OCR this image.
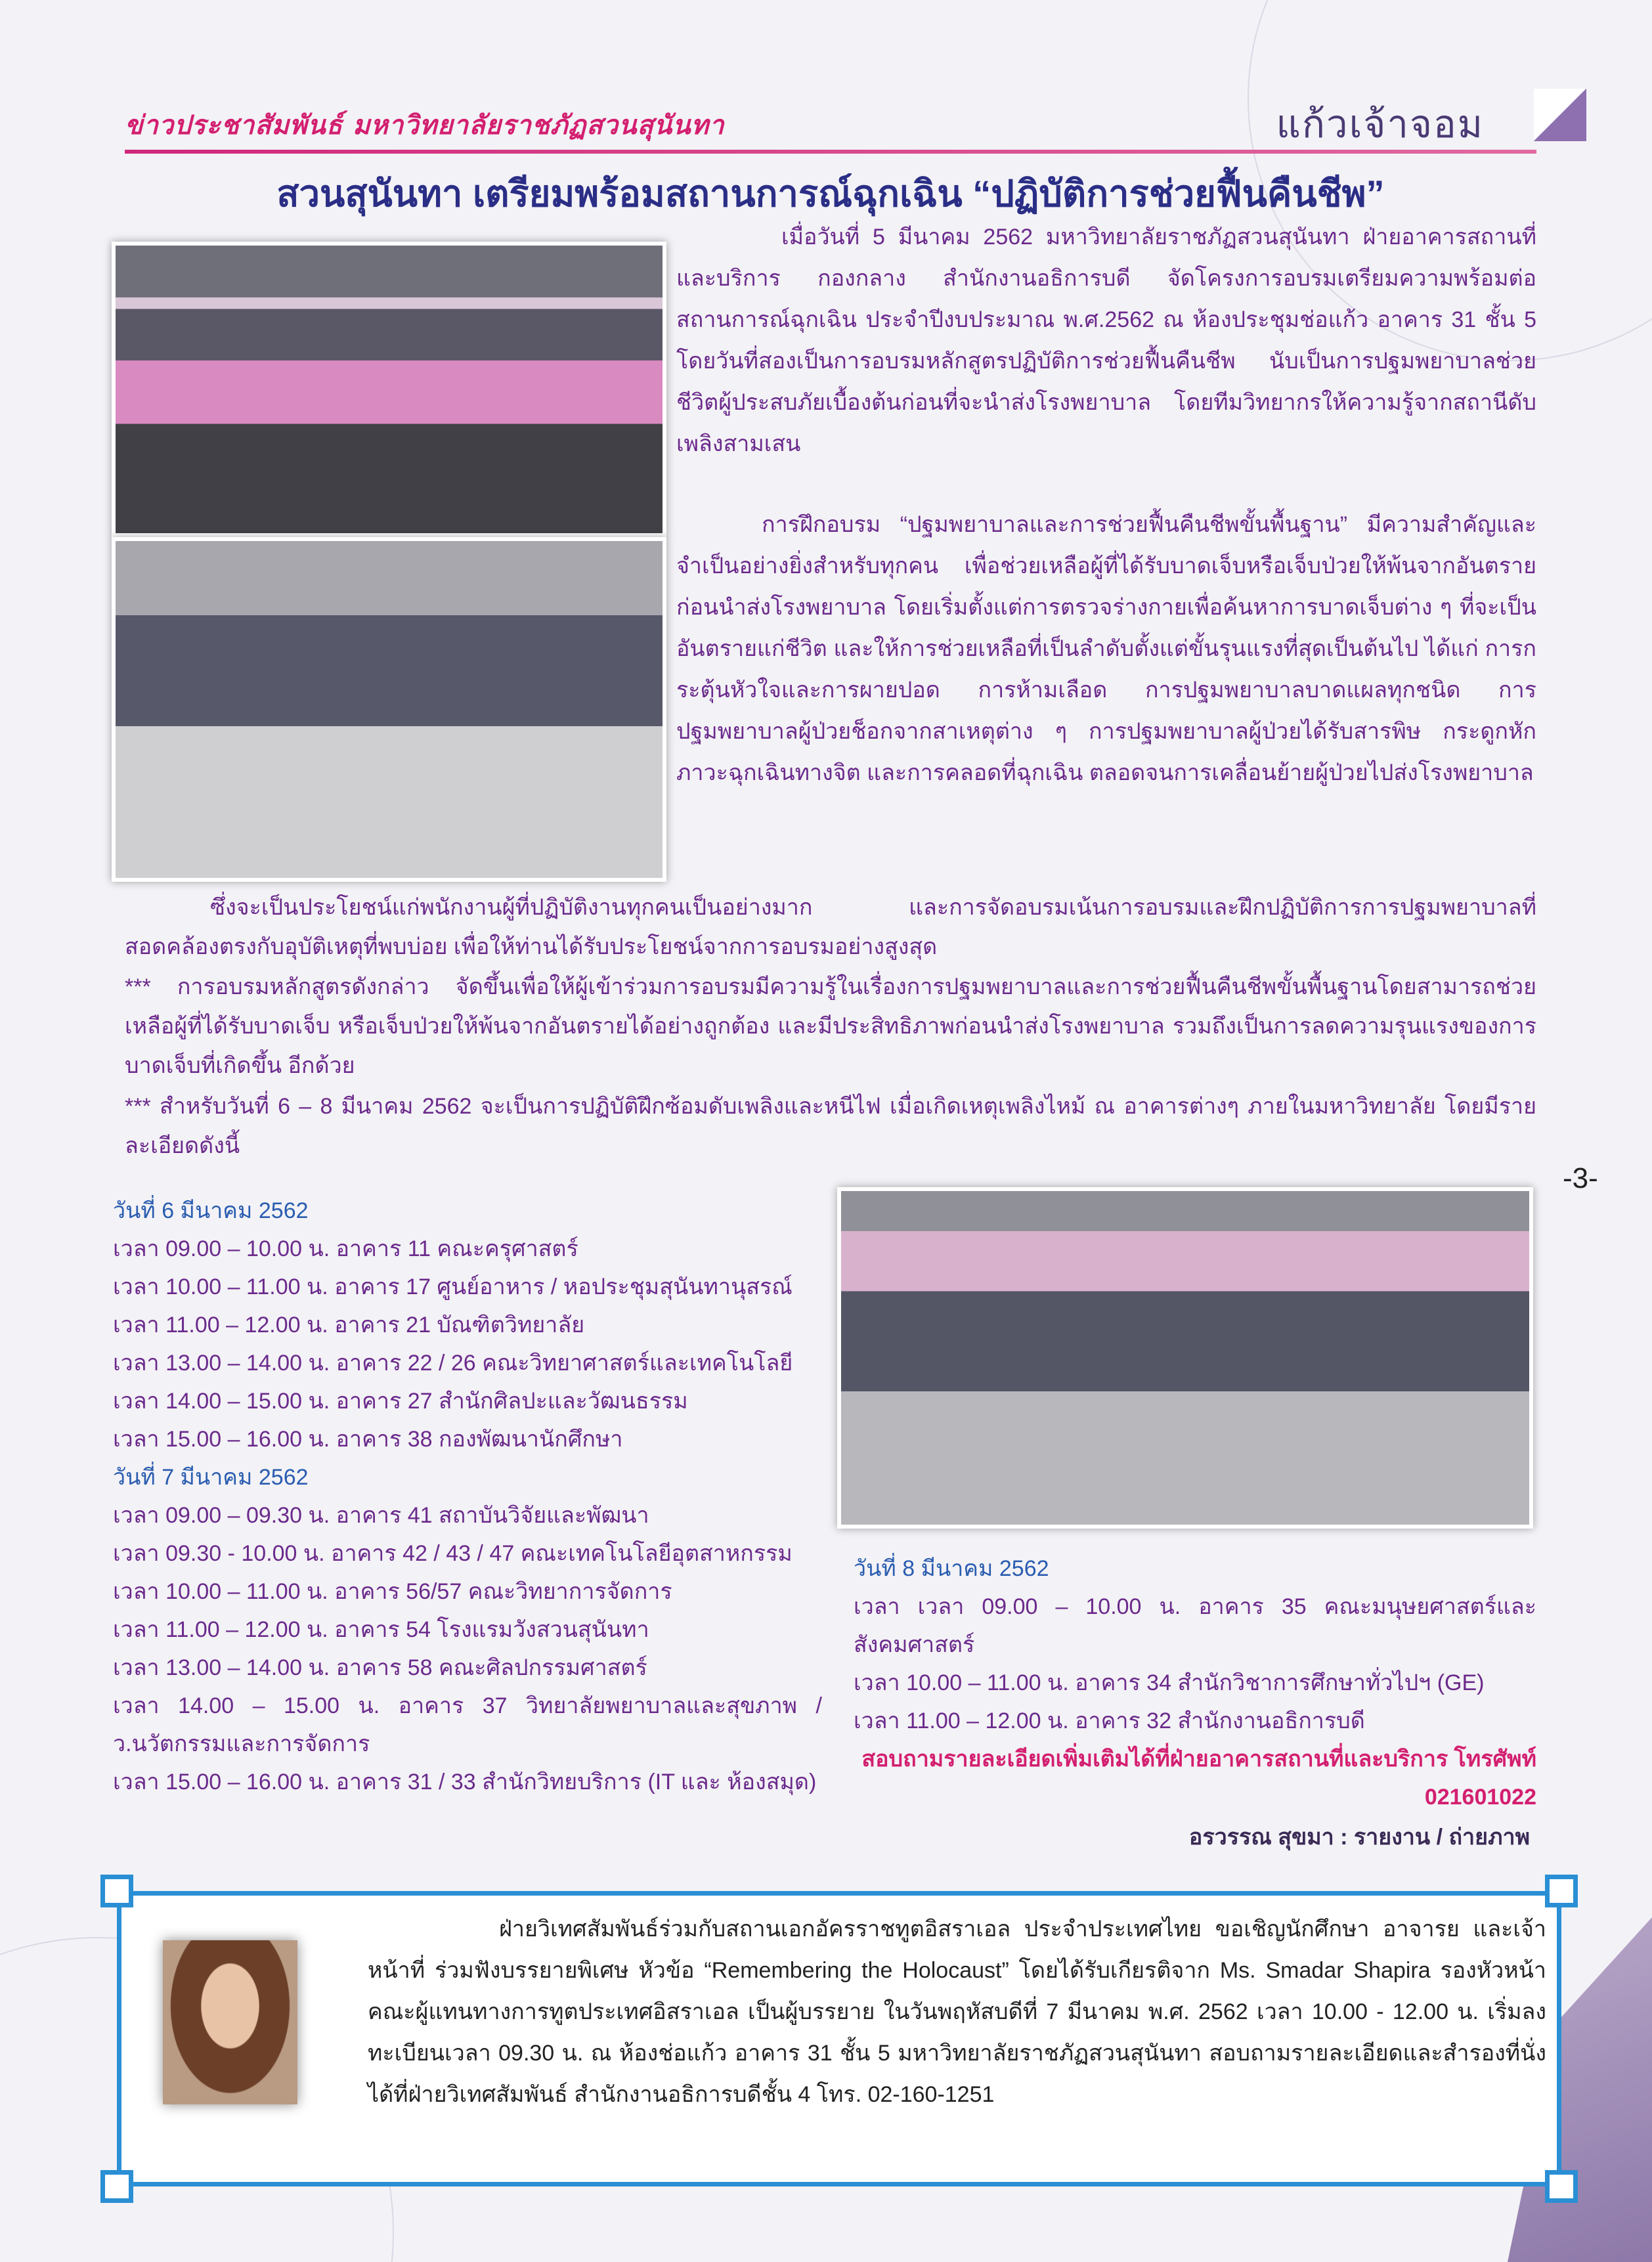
ข่าวประชาสัมพันธ์ มหาวิทยาลัยราชภัฏสวนสุนันทา	แก้วเจ้าจอม
สวนสุนันทา เตรียมพร้อมสถานการณ์ฉุกเฉิน “ปฏิบัติการช่วยฟื้นคืนชีพ”

เมื่อวันที่ 5 มีนาคม 2562 มหาวิทยาลัยราชภัฏสวนสุนันทา ฝ่ายอาคารสถานที่และบริการ กองกลาง สำนักงานอธิการบดี จัดโครงการอบรมเตรียมความพร้อมต่อสถานการณ์ฉุกเฉิน ประจำปีงบประมาณ พ.ศ.2562 ณ ห้องประชุมช่อแก้ว อาคาร 31 ชั้น 5 โดยวันที่สองเป็นการอบรมหลักสูตรปฏิบัติการช่วยฟื้นคืนชีพ นับเป็นการปฐมพยาบาลช่วยชีวิตผู้ประสบภัยเบื้องต้นก่อนที่จะนำส่งโรงพยาบาล โดยทีมวิทยากรให้ความรู้จากสถานีดับเพลิงสามเสน

การฝึกอบรม “ปฐมพยาบาลและการช่วยฟื้นคืนชีพขั้นพื้นฐาน” มีความสำคัญและจำเป็นอย่างยิ่งสำหรับทุกคน เพื่อช่วยเหลือผู้ที่ได้รับบาดเจ็บหรือเจ็บป่วยให้พ้นจากอันตรายก่อนนำส่งโรงพยาบาล โดยเริ่มตั้งแต่การตรวจร่างกายเพื่อค้นหาการบาดเจ็บต่าง ๆ ที่จะเป็นอันตรายแก่ชีวิต และให้การช่วยเหลือที่เป็นลำดับตั้งแต่ขั้นรุนแรงที่สุดเป็นต้นไป ได้แก่ การกระตุ้นหัวใจและการผายปอด การห้ามเลือด การปฐมพยาบาลบาดแผลทุกชนิด การปฐมพยาบาลผู้ป่วยช็อกจากสาเหตุต่าง ๆ การปฐมพยาบาลผู้ป่วยได้รับสารพิษ กระดูกหัก ภาวะฉุกเฉินทางจิต และการคลอดที่ฉุกเฉิน ตลอดจนการเคลื่อนย้ายผู้ป่วยไปส่งโรงพยาบาล

ซึ่งจะเป็นประโยชน์แก่พนักงานผู้ที่ปฏิบัติงานทุกคนเป็นอย่างมาก และการจัดอบรมเน้นการอบรมและฝึกปฏิบัติการการปฐมพยาบาลที่สอดคล้องตรงกับอุบัติเหตุที่พบบ่อย เพื่อให้ท่านได้รับประโยชน์จากการอบรมอย่างสูงสุด

*** การอบรมหลักสูตรดังกล่าว จัดขึ้นเพื่อให้ผู้เข้าร่วมการอบรมมีความรู้ในเรื่องการปฐมพยาบาลและการช่วยฟื้นคืนชีพขั้นพื้นฐานโดยสามารถช่วยเหลือผู้ที่ได้รับบาดเจ็บ หรือเจ็บป่วยให้พ้นจากอันตรายได้อย่างถูกต้อง และมีประสิทธิภาพก่อนนำส่งโรงพยาบาล รวมถึงเป็นการลดความรุนแรงของการบาดเจ็บที่เกิดขึ้น อีกด้วย

*** สำหรับวันที่ 6 – 8 มีนาคม 2562 จะเป็นการปฏิบัติฝึกซ้อมดับเพลิงและหนีไฟ เมื่อเกิดเหตุเพลิงไหม้ ณ อาคารต่างๆ ภายในมหาวิทยาลัย โดยมีรายละเอียดดังนี้

-3-
วันที่ 6 มีนาคม 2562
เวลา 09.00 – 10.00 น. อาคาร 11 คณะครุศาสตร์
เวลา 10.00 – 11.00 น. อาคาร 17 ศูนย์อาหาร / หอประชุมสุนันทานุสรณ์
เวลา 11.00 – 12.00 น. อาคาร 21 บัณฑิตวิทยาลัย
เวลา 13.00 – 14.00 น. อาคาร 22 / 26 คณะวิทยาศาสตร์และเทคโนโลยี
เวลา 14.00 – 15.00 น. อาคาร 27 สำนักศิลปะและวัฒนธรรม
เวลา 15.00 – 16.00 น. อาคาร 38 กองพัฒนานักศึกษา
วันที่ 7 มีนาคม 2562
เวลา 09.00 – 09.30 น. อาคาร 41 สถาบันวิจัยและพัฒนา
เวลา 09.30 - 10.00 น. อาคาร 42 / 43 / 47 คณะเทคโนโลยีอุตสาหกรรม
เวลา 10.00 – 11.00 น. อาคาร 56/57 คณะวิทยาการจัดการ
เวลา 11.00 – 12.00 น. อาคาร 54 โรงแรมวังสวนสุนันทา
เวลา 13.00 – 14.00 น. อาคาร 58 คณะศิลปกรรมศาสตร์
เวลา 14.00 – 15.00 น. อาคาร 37 วิทยาลัยพยาบาลและสุขภาพ / ว.นวัตกรรมและการจัดการ
เวลา 15.00 – 16.00 น. อาคาร 31 / 33 สำนักวิทยบริการ (IT และ ห้องสมุด)
วันที่ 8 มีนาคม 2562
เวลา เวลา 09.00 – 10.00 น. อาคาร 35 คณะมนุษยศาสตร์และสังคมศาสตร์
เวลา 10.00 – 11.00 น. อาคาร 34 สำนักวิชาการศึกษาทั่วไปฯ (GE)
เวลา 11.00 – 12.00 น. อาคาร 32 สำนักงานอธิการบดี
สอบถามรายละเอียดเพิ่มเติมได้ที่ฝ่ายอาคารสถานที่และบริการ โทรศัพท์ 021601022
อรวรรณ สุขมา : รายงาน / ถ่ายภาพ

ฝ่ายวิเทศสัมพันธ์ร่วมกับสถานเอกอัครราชทูตอิสราเอล ประจำประเทศไทย ขอเชิญนักศึกษา อาจารย และเจ้าหน้าที่ ร่วมฟังบรรยายพิเศษ หัวข้อ “Remembering the Holocaust” โดยได้รับเกียรติจาก Ms. Smadar Shapira รองหัวหน้าคณะผู้แทนทางการทูตประเทศอิสราเอล เป็นผู้บรรยาย ในวันพฤหัสบดีที่ 7 มีนาคม พ.ศ. 2562 เวลา 10.00 - 12.00 น. เริ่มลงทะเบียนเวลา 09.30 น. ณ ห้องช่อแก้ว อาคาร 31 ชั้น 5 มหาวิทยาลัยราชภัฏสวนสุนันทา สอบถามรายละเอียดและสำรองที่นั่งได้ที่ฝ่ายวิเทศสัมพันธ์ สำนักงานอธิการบดีชั้น 4 โทร. 02-160-1251
